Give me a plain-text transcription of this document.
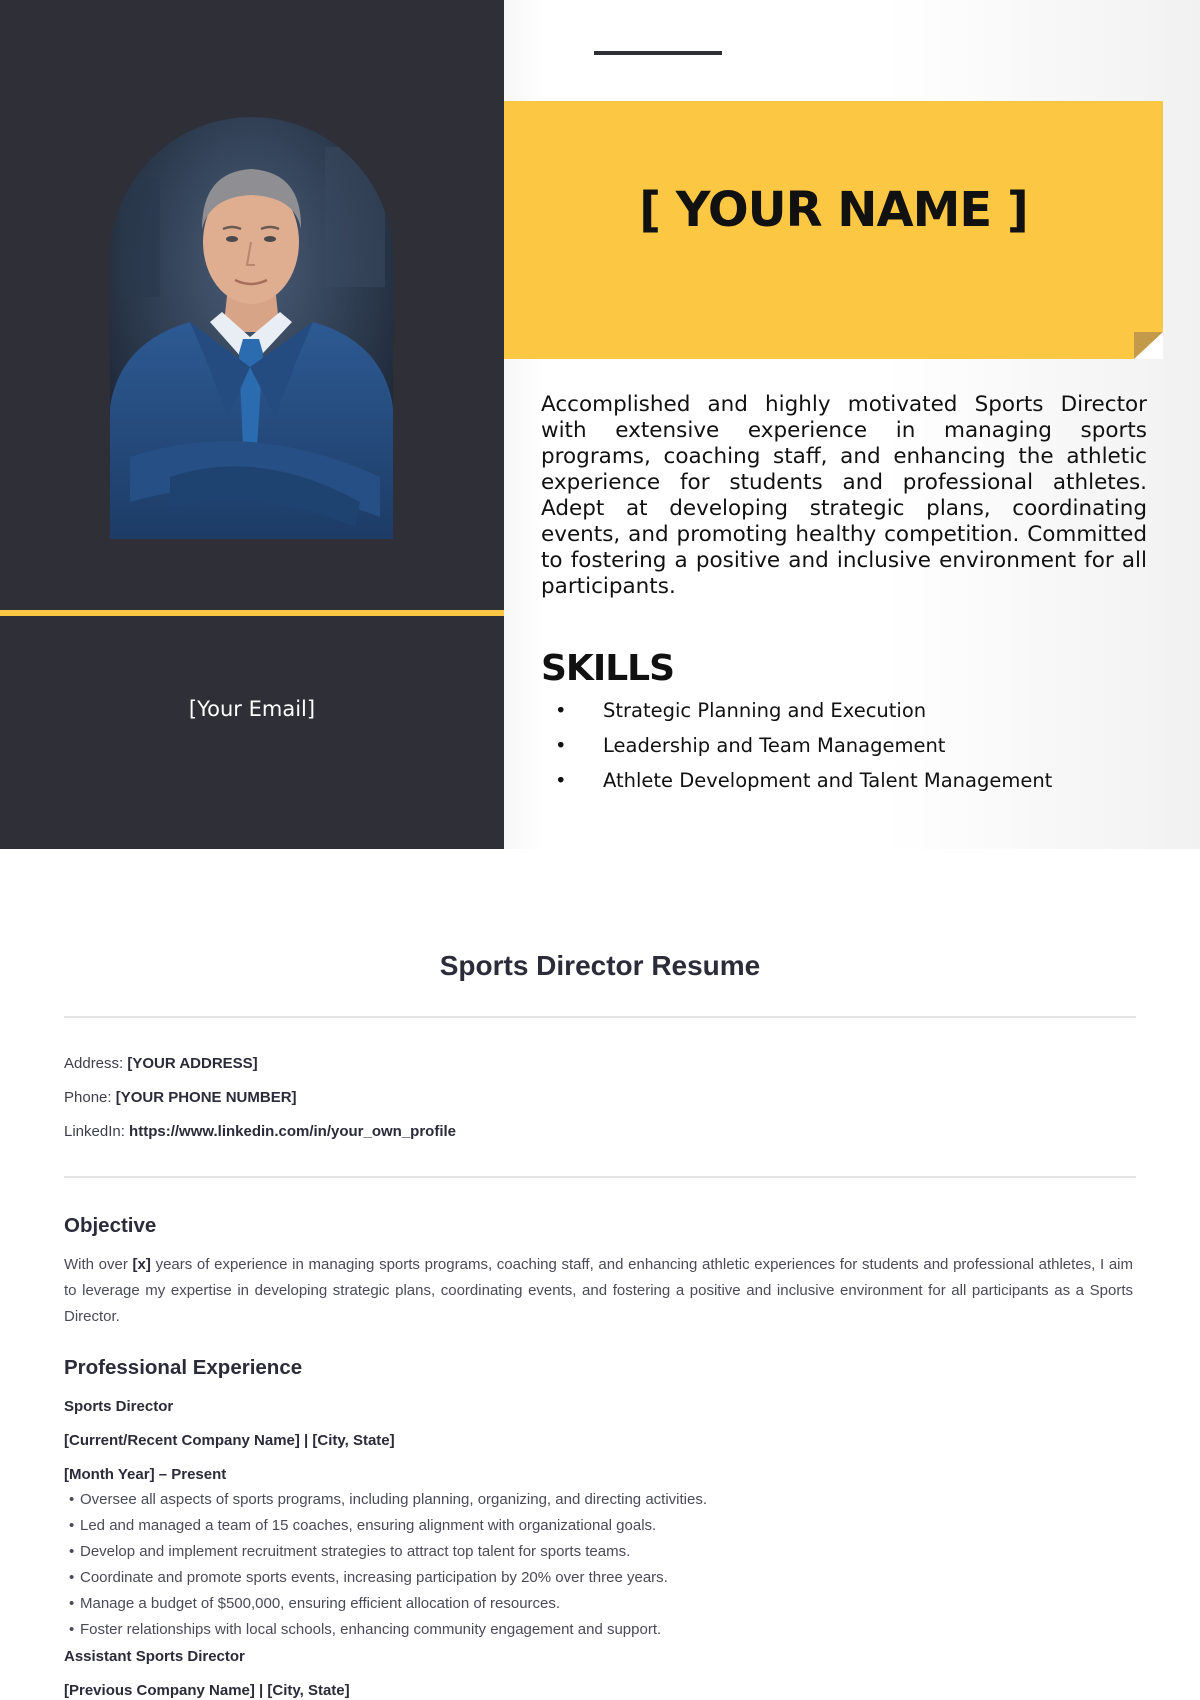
[Your Email]
[ YOUR NAME ]
Accomplished and highly motivated Sports Director with extensive experience in managing sports programs, coaching staff, and enhancing the athletic experience for students and professional athletes. Adept at developing strategic plans, coordinating events, and promoting healthy competition. Committed to fostering a positive and inclusive environment for all participants.
SKILLS
• Strategic Planning and Execution
• Leadership and Team Management
• Athlete Development and Talent Management
Sports Director Resume
Address: [YOUR ADDRESS]
Phone: [YOUR PHONE NUMBER]
LinkedIn: https://www.linkedin.com/in/your_own_profile
Objective
With over [x] years of experience in managing sports programs, coaching staff, and enhancing athletic experiences for students and professional athletes, I aim to leverage my expertise in developing strategic plans, coordinating events, and fostering a positive and inclusive environment for all participants as a Sports Director.
Professional Experience
Sports Director
[Current/Recent Company Name] | [City, State]
[Month Year] – Present
• Oversee all aspects of sports programs, including planning, organizing, and directing activities.
• Led and managed a team of 15 coaches, ensuring alignment with organizational goals.
• Develop and implement recruitment strategies to attract top talent for sports teams.
• Coordinate and promote sports events, increasing participation by 20% over three years.
• Manage a budget of $500,000, ensuring efficient allocation of resources.
• Foster relationships with local schools, enhancing community engagement and support.
Assistant Sports Director
[Previous Company Name] | [City, State]
